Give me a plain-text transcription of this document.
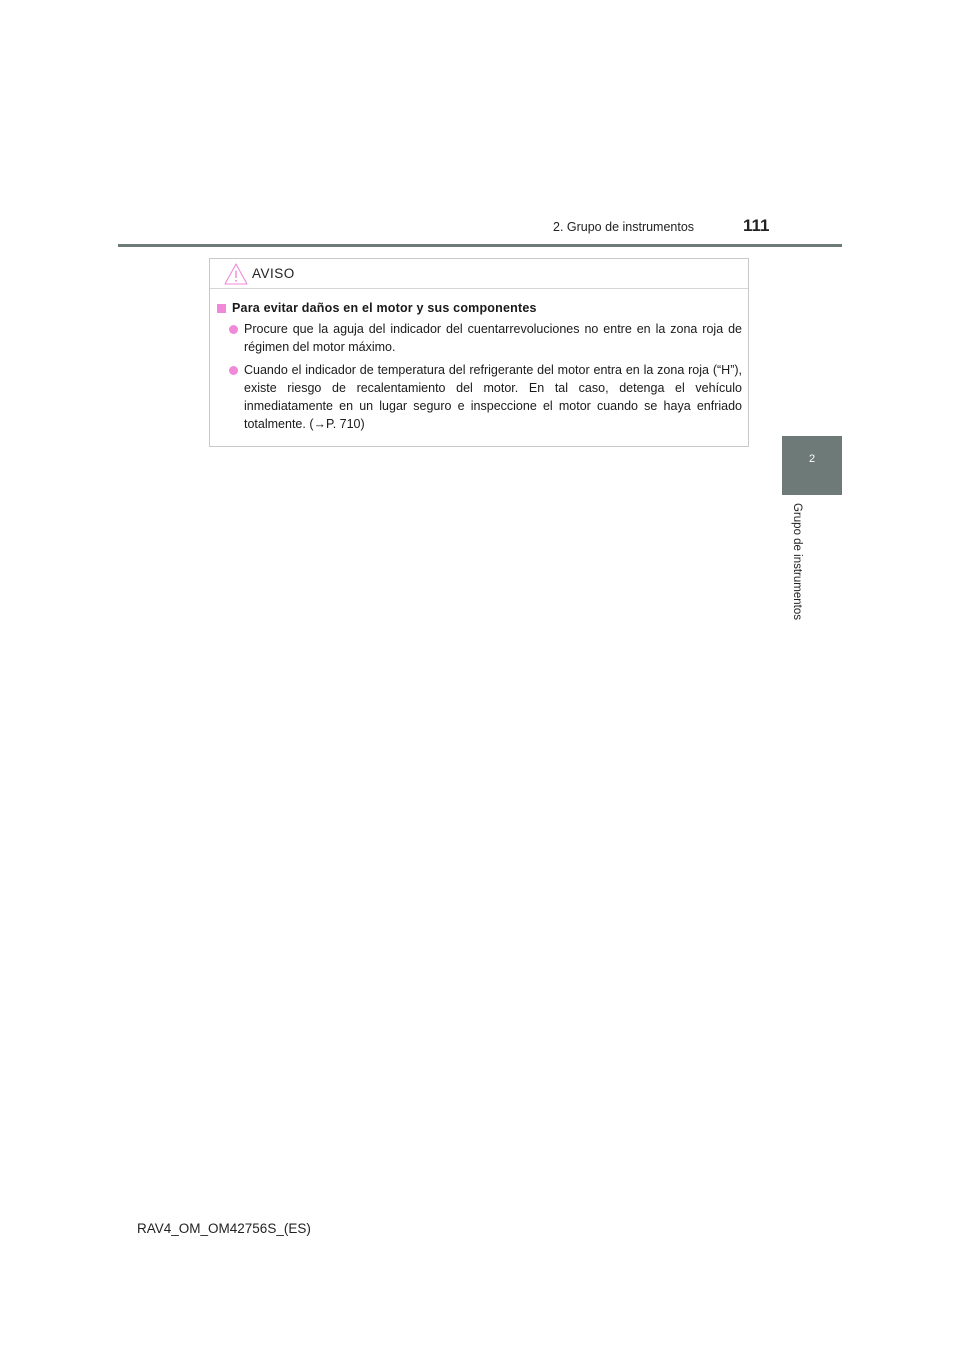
2. Grupo de instrumentos	111
2
Grupo de instrumentos
AVISO
Para evitar daños en el motor y sus componentes
Procure que la aguja del indicador del cuentarrevoluciones no entre en la zona roja de régimen del motor máximo.
Cuando el indicador de temperatura del refrigerante del motor entra en la zona roja (“H”), existe riesgo de recalentamiento del motor. En tal caso, detenga el vehículo inmediatamente en un lugar seguro e inspeccione el motor cuando se haya enfriado totalmente. (→P. 710)
RAV4_OM_OM42756S_(ES)
